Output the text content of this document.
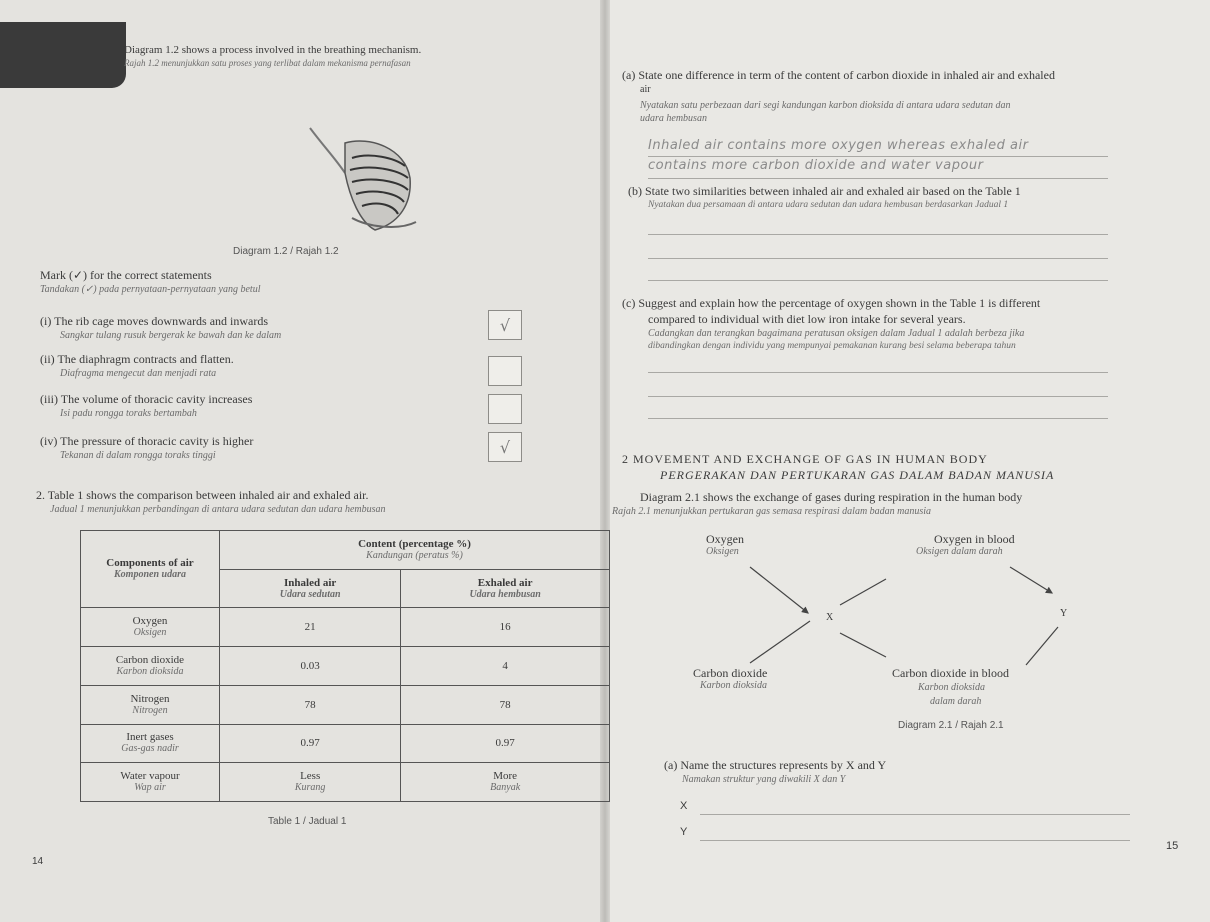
Diagram 1.2 shows a process involved in the breathing mechanism.
Rajah 1.2 menunjukkan satu proses yang terlibat dalam mekanisma pernafasan
Diagram 1.2 / Rajah 1.2
Mark (✓) for the correct statements
Tandakan (✓) pada pernyataan-pernyataan yang betul
(i) The rib cage moves downwards and inwards
Sangkar tulang rusuk bergerak ke bawah dan ke dalam
√
(ii) The diaphragm contracts and flatten.
Diafragma mengecut dan menjadi rata
(iii) The volume of thoracic cavity increases
Isi padu rongga toraks bertambah
(iv) The pressure of thoracic cavity is higher
Tekanan di dalam rongga toraks tinggi	√
2. Table 1 shows the comparison between inhaled air and exhaled air.
Jadual 1 menunjukkan perbandingan di antara udara sedutan dan udara hembusan
Components of air
Komponen udara	Content (percentage %)
Kandungan (peratus %)	

	Inhaled air
Udara sedutan	Exhaled air
Udara hembusan

Oxygen
Oksigen	21	16
Carbon dioxide
Karbon dioksida	0.03	4
Nitrogen
Nitrogen	78	78
Inert gases
Gas-gas nadir	0.97	0.97
Water vapour
Wap air	Less
Kurang	More
Banyak
Table 1 / Jadual 1
14
(a) State one difference in term of the content of carbon dioxide in inhaled air and exhaled
air
Nyatakan satu perbezaan dari segi kandungan karbon dioksida di antara udara sedutan dan
udara hembusan
Inhaled air contains more oxygen whereas exhaled air
contains more carbon dioxide and water vapour
(b) State two similarities between inhaled air and exhaled air based on the Table 1
Nyatakan dua persamaan di antara udara sedutan dan udara hembusan berdasarkan Jadual 1
(c) Suggest and explain how the percentage of oxygen shown in the Table 1 is different
compared to individual with diet low iron intake for several years.
Cadangkan dan terangkan bagaimana peratusan oksigen dalam Jadual 1 adalah berbeza jika
dibandingkan dengan individu yang mempunyai pemakanan kurang besi selama beberapa tahun
2 MOVEMENT AND EXCHANGE OF GAS IN HUMAN BODY
PERGERAKAN DAN PERTUKARAN GAS DALAM BADAN MANUSIA
Diagram 2.1 shows the exchange of gases during respiration in the human body
Rajah 2.1 menunjukkan pertukaran gas semasa respirasi dalam badan manusia
Oxygen
Oksigen
Oxygen in blood
Oksigen dalam darah
X	Y
Carbon dioxide
Karbon dioksida
Carbon dioxide in blood
Karbon dioksida
dalam darah
Diagram 2.1 / Rajah 2.1
(a) Name the structures represents by X and Y
Namakan struktur yang diwakili X dan Y
X
Y
15
